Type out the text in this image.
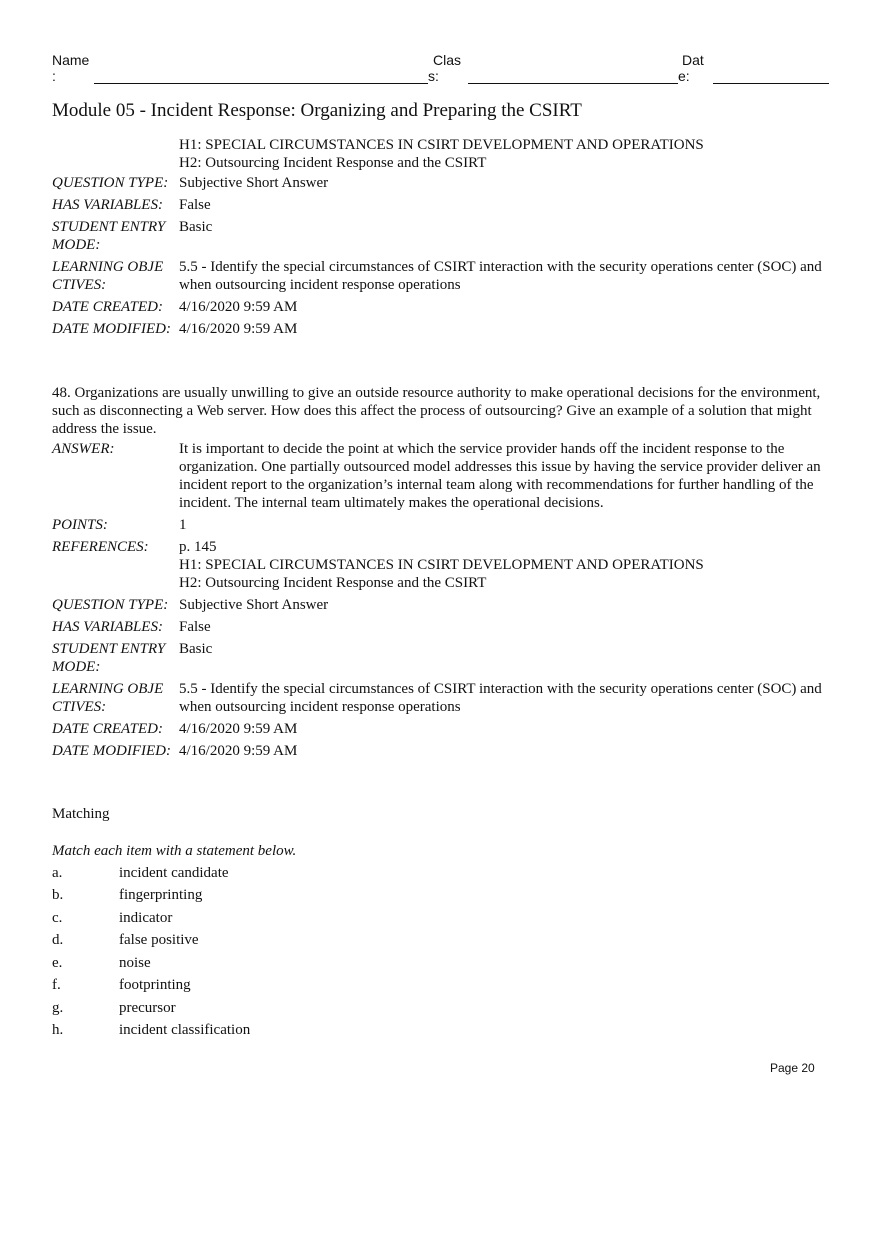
Name
:
Clas
s:
Dat
e:
Module 05 - Incident Response: Organizing and Preparing the CSIRT
H1: SPECIAL CIRCUMSTANCES IN CSIRT DEVELOPMENT AND OPERATIONS
H2: Outsourcing Incident Response and the CSIRT
QUESTION TYPE: Subjective Short Answer
HAS VARIABLES:	False
STUDENT ENTRY MODE:
Basic
LEARNING OBJE CTIVES:
5.5 - Identify the special circumstances of CSIRT interaction with the security operations center (SOC) and when outsourcing incident response operations
DATE CREATED:	4/16/2020 9:59 AM
DATE MODIFIED: 4/16/2020 9:59 AM
48. Organizations are usually unwilling to give an outside resource authority to make operational decisions for the environment, such as disconnecting a Web server. How does this affect the process of outsourcing? Give an example of a solution that might address the issue.
ANSWER:	It is important to decide the point at which the service provider hands off the incident response to the organization. One partially outsourced model addresses this issue by having the service provider deliver an incident report to the organization’s internal team along with recommendations for further handling of the incident. The internal team ultimately makes the operational decisions.
POINTS:	1
REFERENCES:	p. 145
H1: SPECIAL CIRCUMSTANCES IN CSIRT DEVELOPMENT AND OPERATIONS
H2: Outsourcing Incident Response and the CSIRT
QUESTION TYPE: Subjective Short Answer
HAS VARIABLES:	False
STUDENT ENTRY MODE:
Basic
LEARNING OBJE CTIVES:
5.5 - Identify the special circumstances of CSIRT interaction with the security operations center (SOC) and when outsourcing incident response operations
DATE CREATED:	4/16/2020 9:59 AM
DATE MODIFIED: 4/16/2020 9:59 AM
Matching
Match each item with a statement below.
a.	incident candidate
b.	fingerprinting
c.	indicator
d.	false positive
e.	noise
f.	footprinting
g.	precursor
h.	incident classification
Page 20
